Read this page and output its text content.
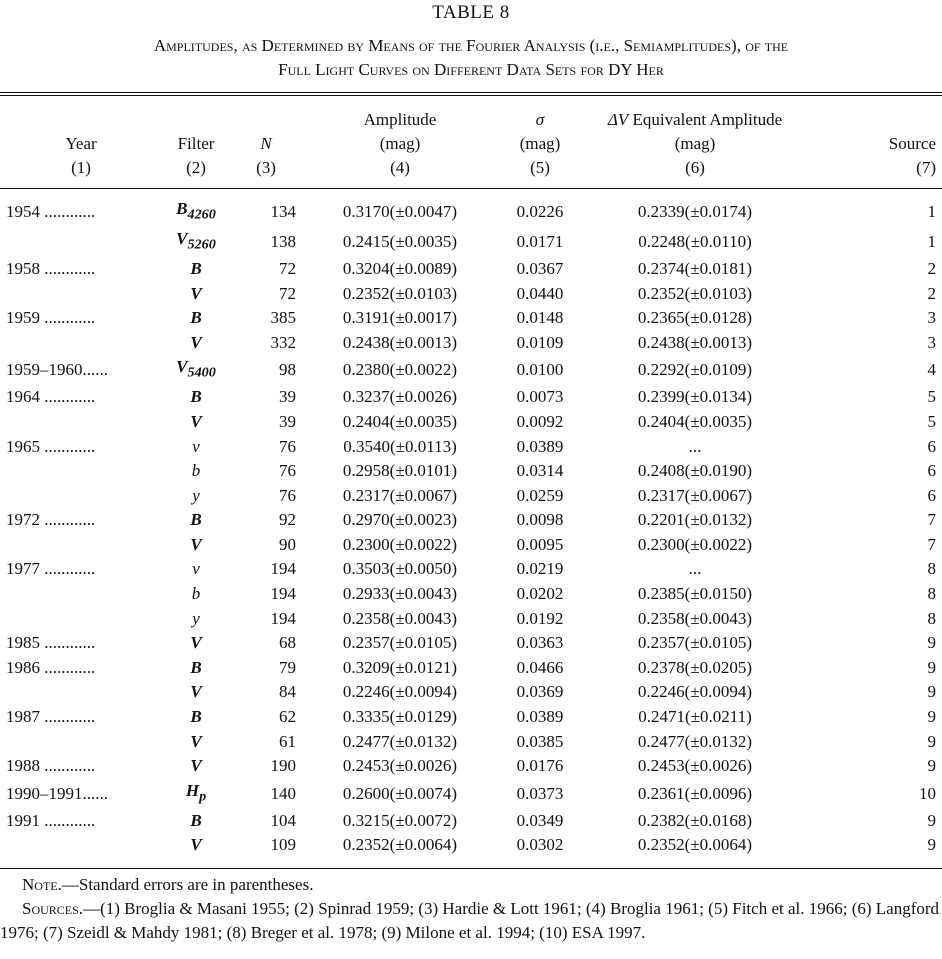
TABLE 8
Amplitudes, as Determined by Means of the Fourier Analysis (i.e., Semiamplitudes), of the
Full Light Curves on Different Data Sets for DY Her
			Amplitude	σ	ΔV Equivalent Amplitude	
Year	Filter	N	(mag)	(mag)	(mag)	Source
(1)	(2)	(3)	(4)	(5)	(6)	(7)

1954 ............	$B_{4260}$	134	0.3170(±0.0047)	0.0226	0.2339(±0.0174)	1
	$V_{5260}$	138	0.2415(±0.0035)	0.0171	0.2248(±0.0110)	1
1958 ............	B	72	0.3204(±0.0089)	0.0367	0.2374(±0.0181)	2
	V	72	0.2352(±0.0103)	0.0440	0.2352(±0.0103)	2
1959 ............	B	385	0.3191(±0.0017)	0.0148	0.2365(±0.0128)	3
	V	332	0.2438(±0.0013)	0.0109	0.2438(±0.0013)	3
1959–1960......	$V_{5400}$	98	0.2380(±0.0022)	0.0100	0.2292(±0.0109)	4
1964 ............	B	39	0.3237(±0.0026)	0.0073	0.2399(±0.0134)	5
	V	39	0.2404(±0.0035)	0.0092	0.2404(±0.0035)	5
1965 ............	v	76	0.3540(±0.0113)	0.0389	...	6
	b	76	0.2958(±0.0101)	0.0314	0.2408(±0.0190)	6
	y	76	0.2317(±0.0067)	0.0259	0.2317(±0.0067)	6
1972 ............	B	92	0.2970(±0.0023)	0.0098	0.2201(±0.0132)	7
	V	90	0.2300(±0.0022)	0.0095	0.2300(±0.0022)	7
1977 ............	v	194	0.3503(±0.0050)	0.0219	...	8
	b	194	0.2933(±0.0043)	0.0202	0.2385(±0.0150)	8
	y	194	0.2358(±0.0043)	0.0192	0.2358(±0.0043)	8
1985 ............	V	68	0.2357(±0.0105)	0.0363	0.2357(±0.0105)	9
1986 ............	B	79	0.3209(±0.0121)	0.0466	0.2378(±0.0205)	9
	V	84	0.2246(±0.0094)	0.0369	0.2246(±0.0094)	9
1987 ............	B	62	0.3335(±0.0129)	0.0389	0.2471(±0.0211)	9
	V	61	0.2477(±0.0132)	0.0385	0.2477(±0.0132)	9
1988 ............	V	190	0.2453(±0.0026)	0.0176	0.2453(±0.0026)	9
1990–1991......	$H_p$	140	0.2600(±0.0074)	0.0373	0.2361(±0.0096)	10
1991 ............	B	104	0.3215(±0.0072)	0.0349	0.2382(±0.0168)	9
	V	109	0.2352(±0.0064)	0.0302	0.2352(±0.0064)	9

Note.—Standard errors are in parentheses.

Sources.—(1) Broglia & Masani 1955; (2) Spinrad 1959; (3) Hardie & Lott 1961; (4) Broglia 1961; (5) Fitch et al. 1966; (6) Langford 1976; (7) Szeidl & Mahdy 1981; (8) Breger et al. 1978; (9) Milone et al. 1994; (10) ESA 1997.
